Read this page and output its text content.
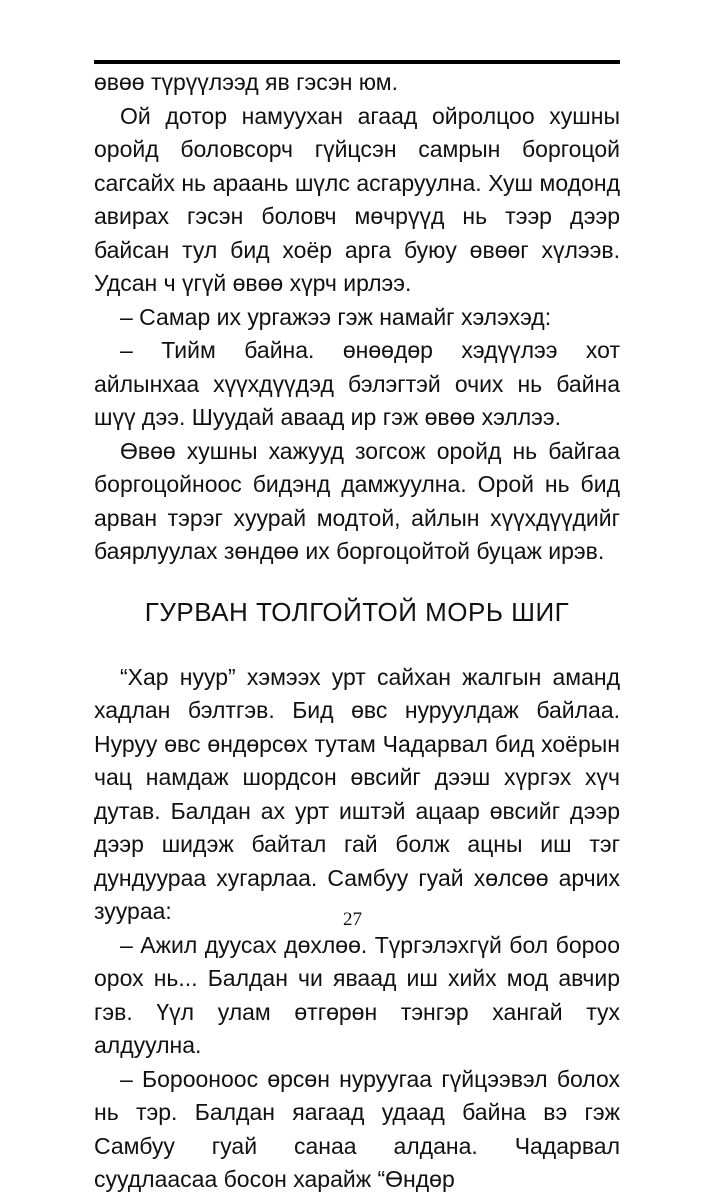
өвөө түрүүлээд яв гэсэн юм.

Ой дотор намуухан агаад ойролцоо хушны оройд боловсорч гүйцсэн самрын боргоцой сагсайх нь араань шүлс асгаруулна. Хуш модонд авирах гэсэн боловч мөчрүүд нь тээр дээр байсан тул бид хоёр арга буюу өвөөг хүлээв. Удсан ч үгүй өвөө хүрч ирлээ.

– Самар их ургажээ гэж намайг хэлэхэд:

– Тийм байна. өнөөдөр хэдүүлээ хот айлынхаа хүүхдүүдэд бэлэгтэй очих нь байна шүү дээ. Шуудай аваад ир гэж өвөө хэллээ.

Өвөө хушны хажууд зогсож оройд нь байгаа боргоцойноос бидэнд дамжуулна. Орой нь бид арван тэрэг хуурай модтой, айлын хүүхдүүдийг баярлуулах зөндөө их боргоцойтой буцаж ирэв.

ГУРВАН ТОЛГОЙТОЙ МОРЬ ШИГ

“Хар нуур” хэмээх урт сайхан жалгын аманд хадлан бэлтгэв. Бид өвс нуруулдаж байлаа. Нуруу өвс өндөрсөх тутам Чадарвал бид хоёрын чац намдаж шордсон өвсийг дээш хүргэх хүч дутав. Балдан ах урт иштэй ацаар өвсийг дээр дээр шидэж байтал гай болж ацны иш тэг дундуураа хугарлаа. Самбуу гуай хөлсөө арчих зуураа:

– Ажил дуусах дөхлөө. Түргэлэхгүй бол бороо орох нь... Балдан чи яваад иш хийх мод авчир гэв. Үүл улам өтгөрөн тэнгэр хангай тух алдуулна.

– Борооноос өрсөн нуруугаа гүйцээвэл болох нь тэр. Балдан яагаад удаад байна вэ гэж Самбуу гуай санаа алдана. Чадарвал суудлаасаа босон харайж “Өндөр

27
